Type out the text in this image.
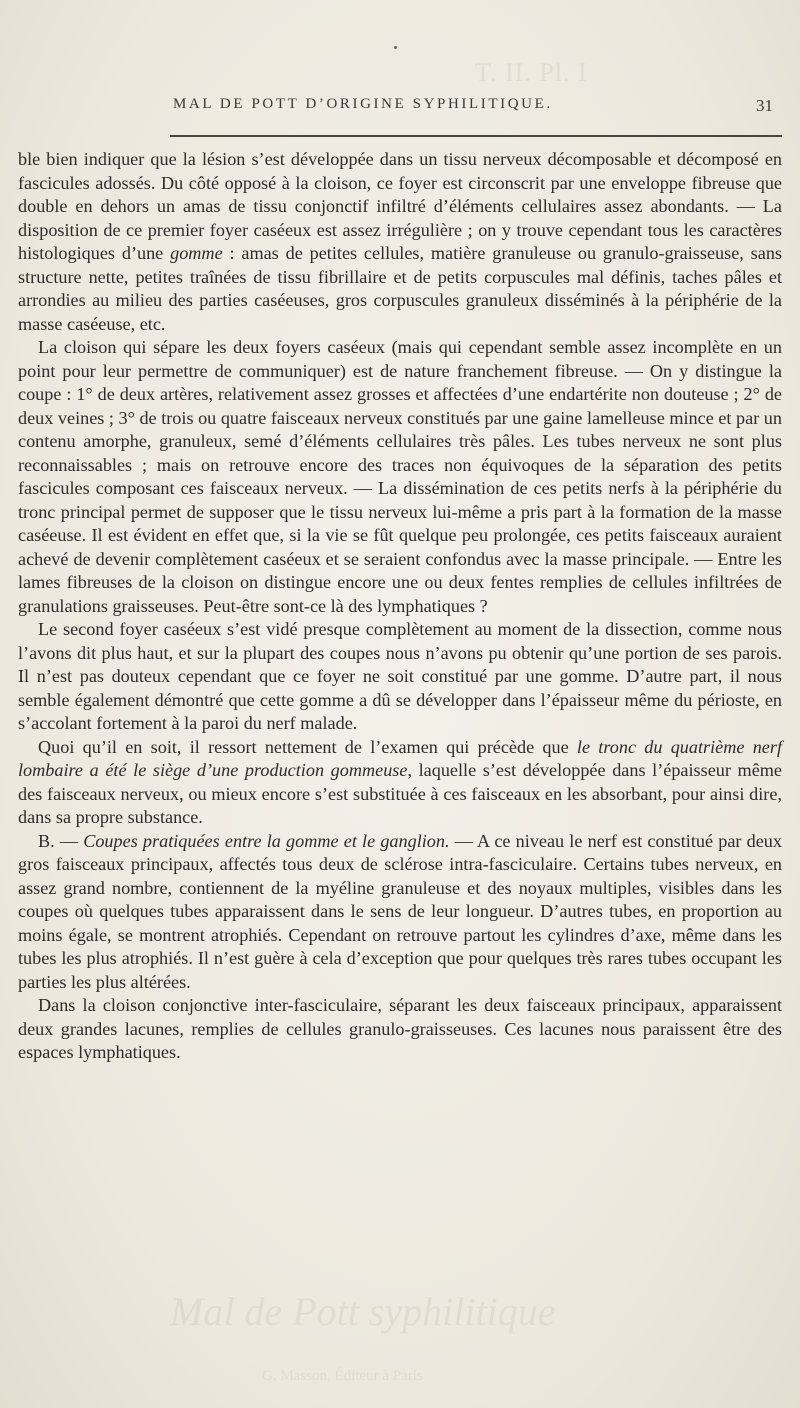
T. II. Pl. I
MAL DE POTT D’ORIGINE SYPHILITIQUE.	31

ble bien indiquer que la lésion s’est développée dans un tissu nerveux décomposable et décomposé en fascicules adossés. Du côté opposé à la cloison, ce foyer est circonscrit par une enveloppe fibreuse que double en dehors un amas de tissu conjonctif infiltré d’éléments cellulaires assez abondants. — La disposition de ce premier foyer caséeux est assez irrégulière ; on y trouve cependant tous les caractères histologiques d’une gomme : amas de petites cellules, matière granuleuse ou granulo-graisseuse, sans structure nette, petites traînées de tissu fibrillaire et de petits corpuscules mal définis, taches pâles et arrondies au milieu des parties caséeuses, gros corpuscules granuleux disséminés à la périphérie de la masse caséeuse, etc.

La cloison qui sépare les deux foyers caséeux (mais qui cependant semble assez incomplète en un point pour leur permettre de communiquer) est de nature franchement fibreuse. — On y distingue la coupe : 1° de deux artères, relativement assez grosses et affectées d’une endartérite non douteuse ; 2° de deux veines ; 3° de trois ou quatre faisceaux nerveux constitués par une gaine lamelleuse mince et par un contenu amorphe, granuleux, semé d’éléments cellulaires très pâles. Les tubes nerveux ne sont plus reconnaissables ; mais on retrouve encore des traces non équivoques de la séparation des petits fascicules composant ces faisceaux nerveux. — La dissémination de ces petits nerfs à la périphérie du tronc principal permet de supposer que le tissu nerveux lui-même a pris part à la formation de la masse caséeuse. Il est évident en effet que, si la vie se fût quelque peu prolongée, ces petits faisceaux auraient achevé de devenir complètement caséeux et se seraient confondus avec la masse principale. — Entre les lames fibreuses de la cloison on distingue encore une ou deux fentes remplies de cellules infiltrées de granulations graisseuses. Peut-être sont-ce là des lymphatiques ?

Le second foyer caséeux s’est vidé presque complètement au moment de la dissection, comme nous l’avons dit plus haut, et sur la plupart des coupes nous n’avons pu obtenir qu’une portion de ses parois. Il n’est pas douteux cependant que ce foyer ne soit constitué par une gomme. D’autre part, il nous semble également démontré que cette gomme a dû se développer dans l’épaisseur même du périoste, en s’accolant fortement à la paroi du nerf malade.

Quoi qu’il en soit, il ressort nettement de l’examen qui précède que le tronc du quatrième nerf lombaire a été le siège d’une production gommeuse, laquelle s’est développée dans l’épaisseur même des faisceaux nerveux, ou mieux encore s’est substituée à ces faisceaux en les absorbant, pour ainsi dire, dans sa propre substance.

B. — Coupes pratiquées entre la gomme et le ganglion. — A ce niveau le nerf est constitué par deux gros faisceaux principaux, affectés tous deux de sclérose intra-fasciculaire. Certains tubes nerveux, en assez grand nombre, contiennent de la myéline granuleuse et des noyaux multiples, visibles dans les coupes où quelques tubes apparaissent dans le sens de leur longueur. D’autres tubes, en proportion au moins égale, se montrent atrophiés. Cependant on retrouve partout les cylindres d’axe, même dans les tubes les plus atrophiés. Il n’est guère à cela d’exception que pour quelques très rares tubes occupant les parties les plus altérées.

Dans la cloison conjonctive inter-fasciculaire, séparant les deux faisceaux principaux, apparaissent deux grandes lacunes, remplies de cellules granulo-graisseuses. Ces lacunes nous paraissent être des espaces lymphatiques.

Mal de Pott syphilitique
G. Masson, Éditeur à Paris
